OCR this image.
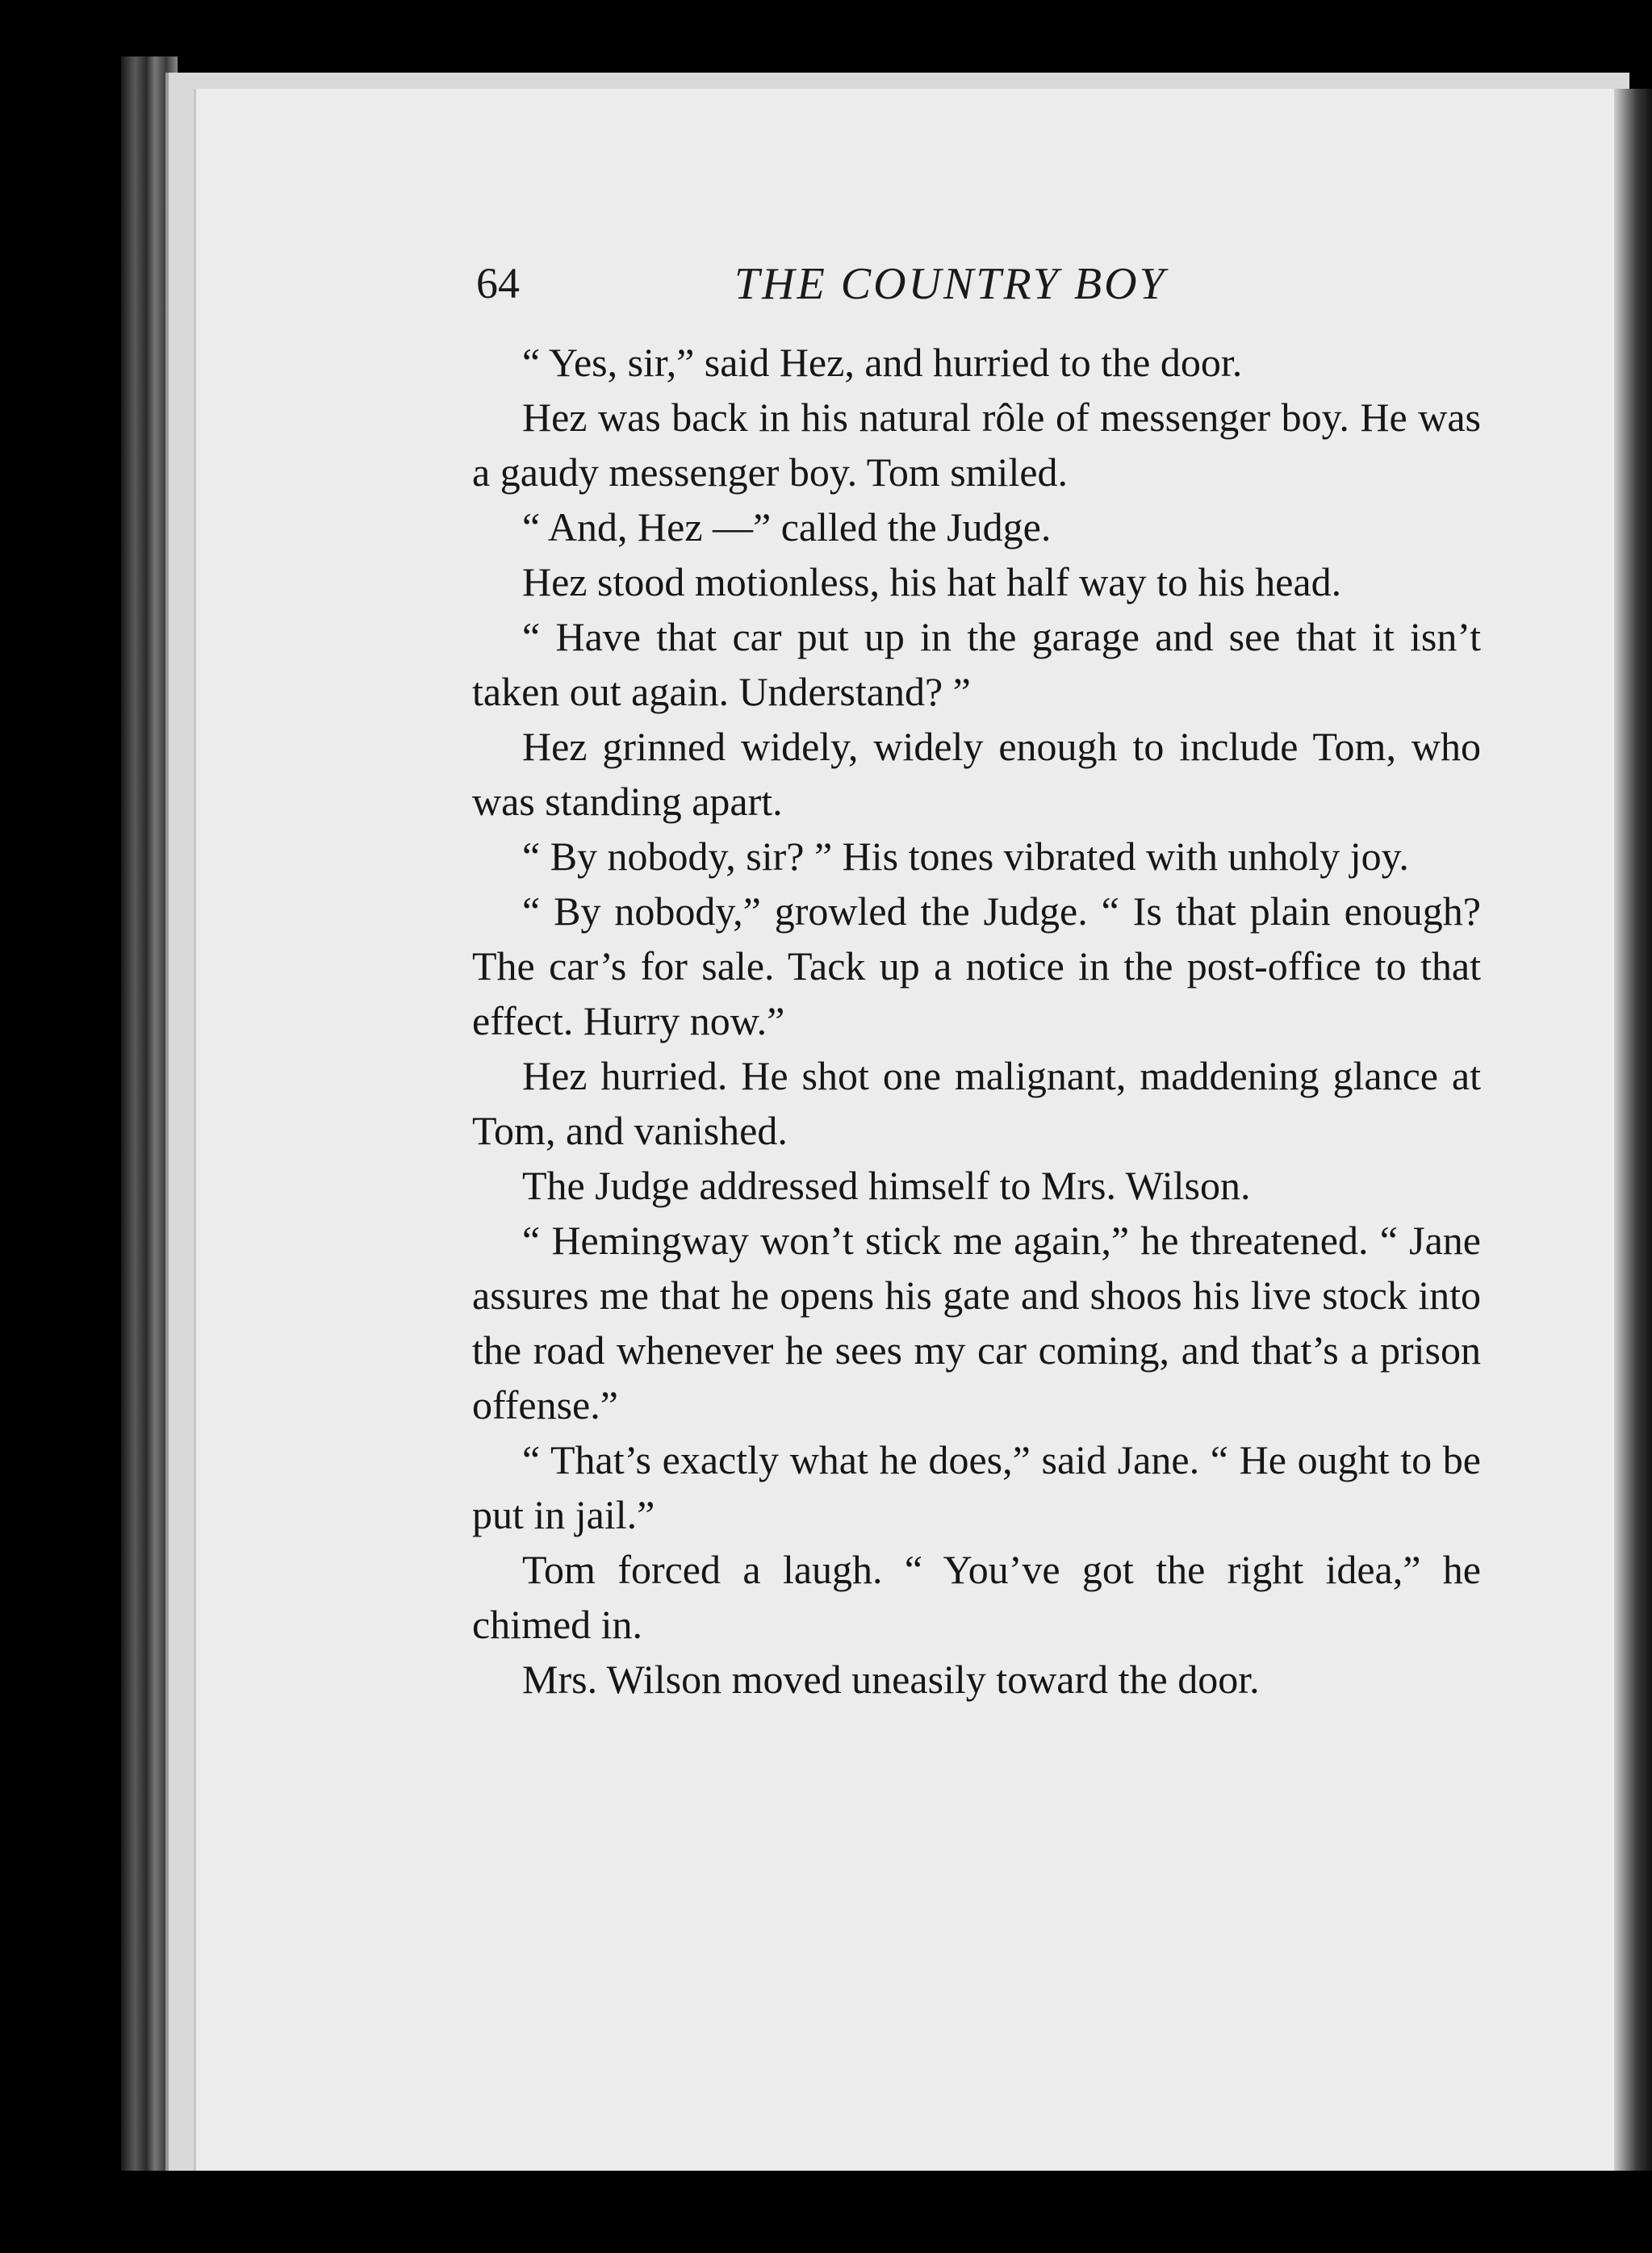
64	THE COUNTRY BOY

“ Yes, sir,” said Hez, and hurried to the door.

Hez was back in his natural rôle of messenger boy. He was a gaudy messenger boy. Tom smiled.

“ And, Hez —” called the Judge.

Hez stood motionless, his hat half way to his head.

“ Have that car put up in the garage and see that it isn’t taken out again. Understand? ”

Hez grinned widely, widely enough to include Tom, who was standing apart.

“ By nobody, sir? ” His tones vibrated with unholy joy.

“ By nobody,” growled the Judge. “ Is that plain enough? The car’s for sale. Tack up a notice in the post-office to that effect. Hurry now.”

Hez hurried. He shot one malignant, maddening glance at Tom, and vanished.

The Judge addressed himself to Mrs. Wilson.

“ Hemingway won’t stick me again,” he threatened. “ Jane assures me that he opens his gate and shoos his live stock into the road whenever he sees my car coming, and that’s a prison offense.”

“ That’s exactly what he does,” said Jane. “ He ought to be put in jail.”

Tom forced a laugh. “ You’ve got the right idea,” he chimed in.

Mrs. Wilson moved uneasily toward the door.
